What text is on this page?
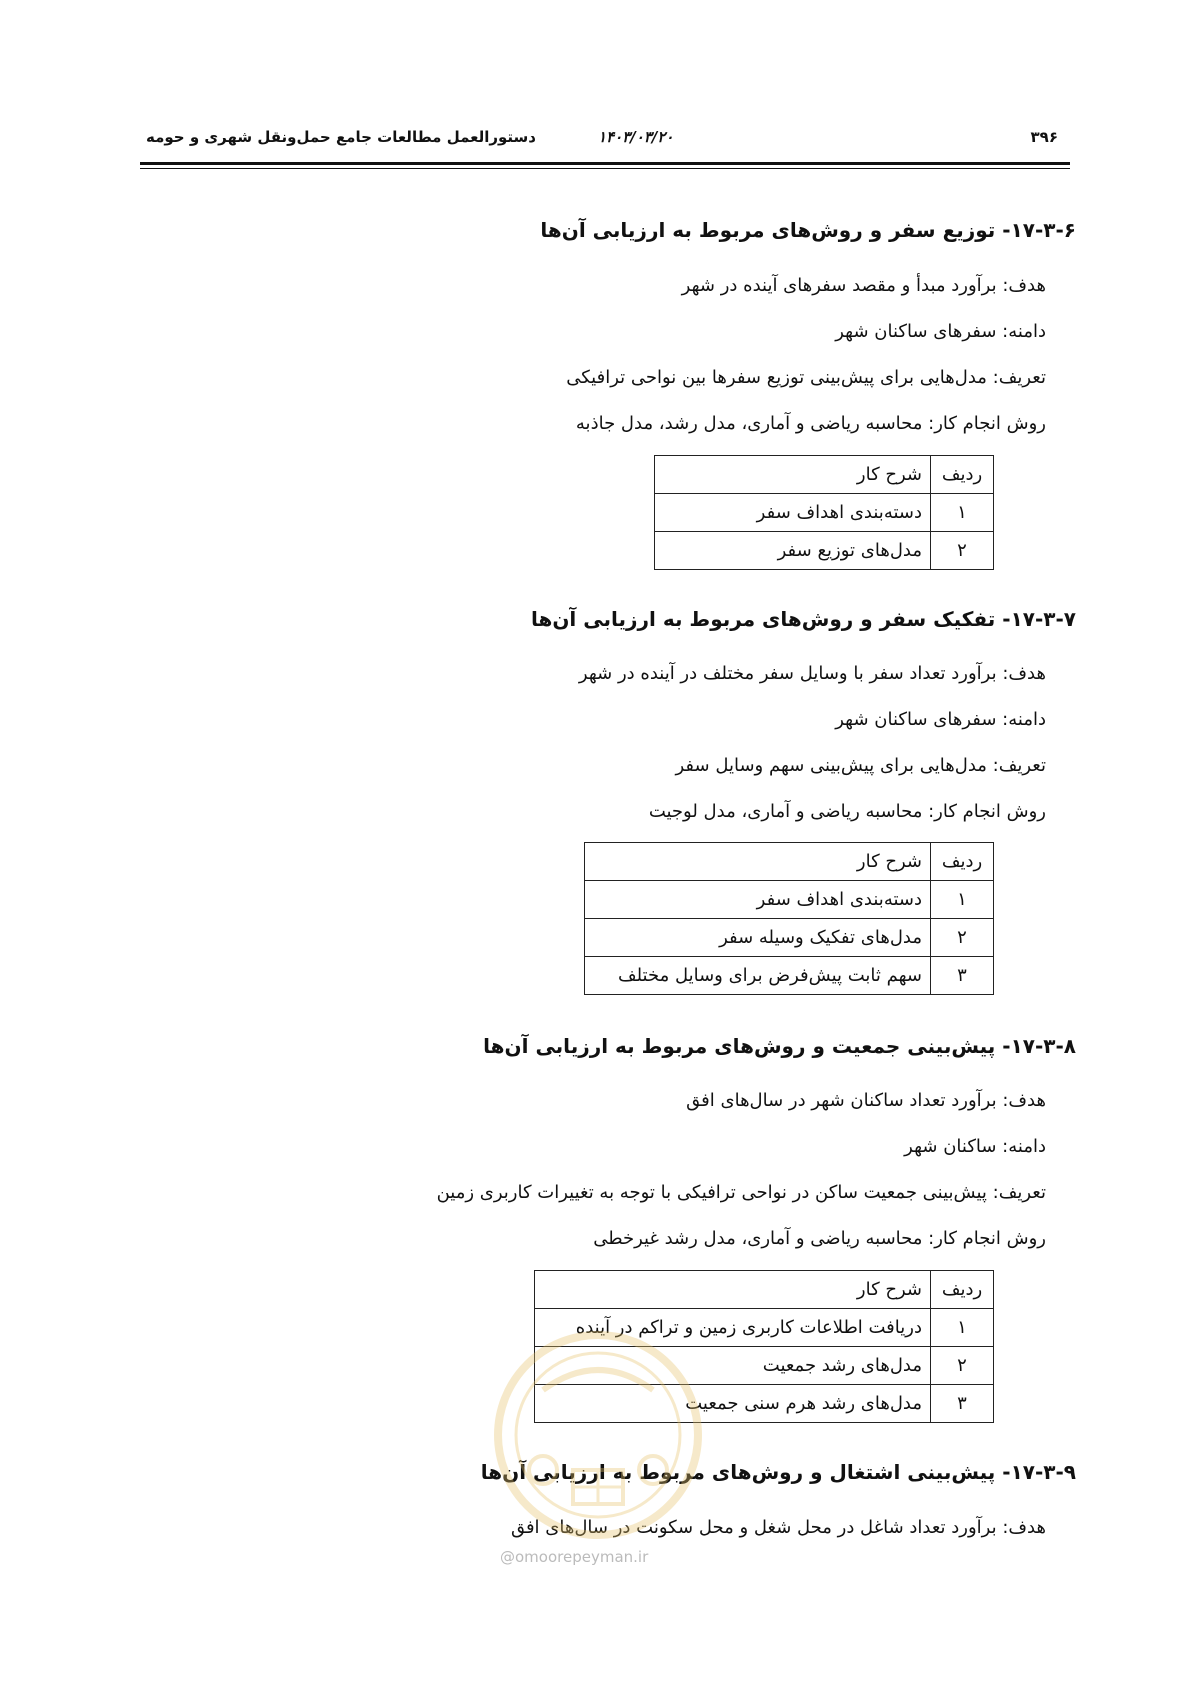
۳۹۶
۱۴۰۳/۰۳/۲۰
دستورالعمل مطالعات جامع حمل‌ونقل شهری و حومه
۱۷-۳-۶- توزیع سفر و روش‌های مربوط به ارزیابی آن‌ها
هدف: برآورد مبدأ و مقصد سفرهای آینده در شهر
دامنه: سفرهای ساکنان شهر
تعریف: مدل‌هایی برای پیش‌بینی توزیع سفرها بین نواحی ترافیکی
روش انجام کار: محاسبه ریاضی و آماری، مدل رشد، مدل جاذبه
ردیف	شرح کار
۱	دسته‌بندی اهداف سفر
۲	مدل‌های توزیع سفر
۱۷-۳-۷- تفکیک سفر و روش‌های مربوط به ارزیابی آن‌ها
هدف: برآورد تعداد سفر با وسایل سفر مختلف در آینده در شهر
دامنه: سفرهای ساکنان شهر
تعریف: مدل‌هایی برای پیش‌بینی سهم وسایل سفر
روش انجام کار: محاسبه ریاضی و آماری، مدل لوجیت
ردیف	شرح کار
۱	دسته‌بندی اهداف سفر
۲	مدل‌های تفکیک وسیله سفر
۳	سهم ثابت پیش‌فرض برای وسایل مختلف
۱۷-۳-۸- پیش‌بینی جمعیت و روش‌های مربوط به ارزیابی آن‌ها
هدف: برآورد تعداد ساکنان شهر در سال‌های افق
دامنه: ساکنان شهر
تعریف: پیش‌بینی جمعیت ساکن در نواحی ترافیکی با توجه به تغییرات کاربری زمین
روش انجام کار: محاسبه ریاضی و آماری، مدل رشد غیرخطی
ردیف	شرح کار
۱	دریافت اطلاعات کاربری زمین و تراکم در آینده
۲	مدل‌های رشد جمعیت
۳	مدل‌های رشد هرم سنی جمعیت
۱۷-۳-۹- پیش‌بینی اشتغال و روش‌های مربوط به ارزیابی آن‌ها
هدف: برآورد تعداد شاغل در محل شغل و محل سکونت در سال‌های افق
@omoorepeyman.ir
